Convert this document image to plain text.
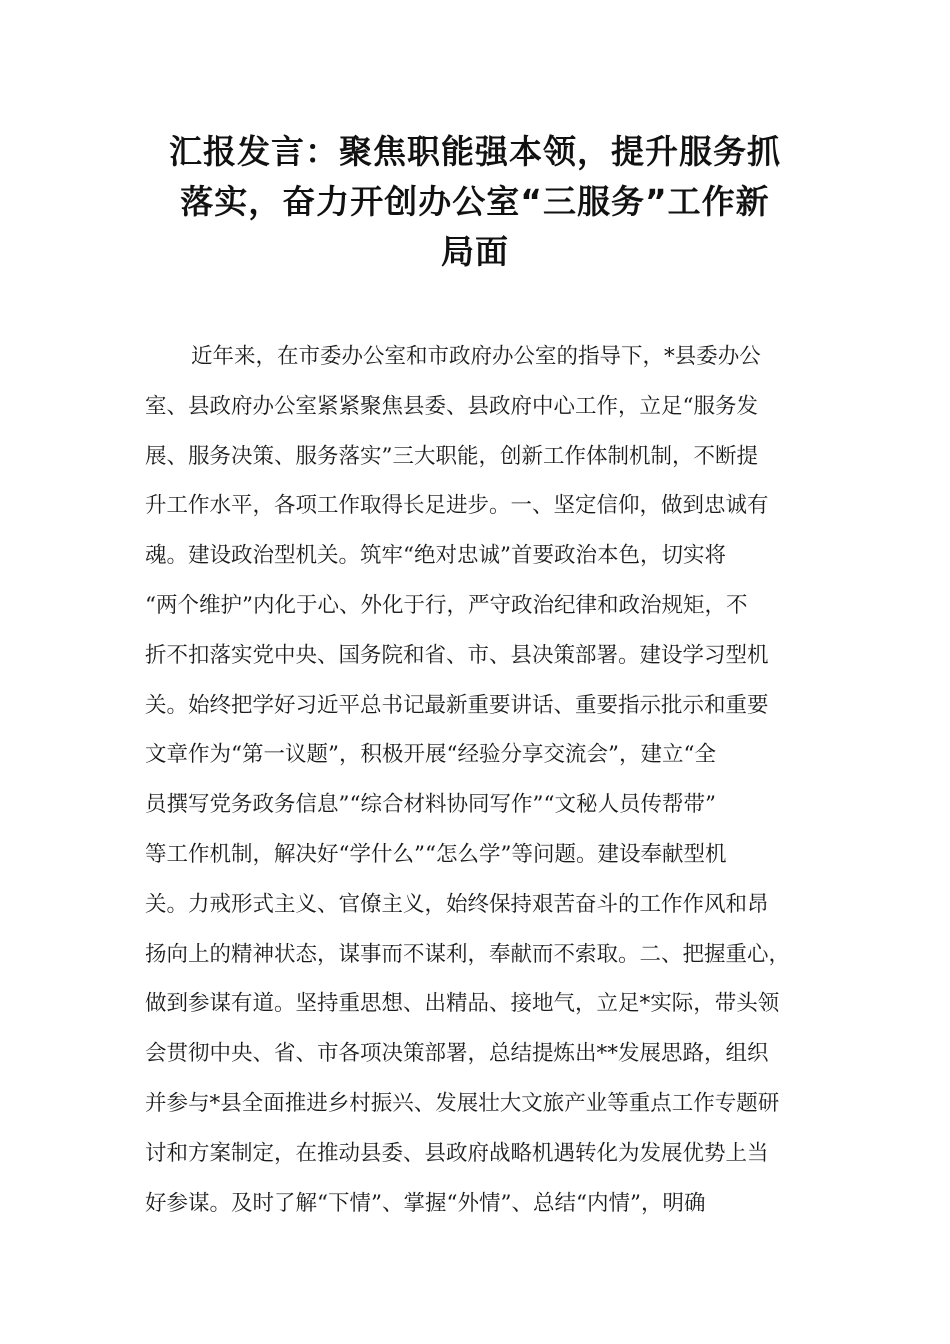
汇报发言：聚焦职能强本领，提升服务抓
落实，奋力开创办公室“三服务”工作新
局面
近年来，在市委办公室和市政府办公室的指导下，*县委办公
室、县政府办公室紧紧聚焦县委、县政府中心工作，立足“服务发
展、服务决策、服务落实”三大职能，创新工作体制机制，不断提
升工作水平，各项工作取得长足进步。一、坚定信仰，做到忠诚有
魂。建设政治型机关。筑牢“绝对忠诚”首要政治本色，切实将
“两个维护”内化于心、外化于行，严守政治纪律和政治规矩，不
折不扣落实党中央、国务院和省、市、县决策部署。建设学习型机
关。始终把学好习近平总书记最新重要讲话、重要指示批示和重要
文章作为“第一议题”，积极开展“经验分享交流会”，建立“全
员撰写党务政务信息”“综合材料协同写作”“文秘人员传帮带”
等工作机制，解决好“学什么”“怎么学”等问题。建设奉献型机
关。力戒形式主义、官僚主义，始终保持艰苦奋斗的工作作风和昂
扬向上的精神状态，谋事而不谋利，奉献而不索取。二、把握重心，
做到参谋有道。坚持重思想、出精品、接地气，立足*实际，带头领
会贯彻中央、省、市各项决策部署，总结提炼出**发展思路，组织
并参与*县全面推进乡村振兴、发展壮大文旅产业等重点工作专题研
讨和方案制定，在推动县委、县政府战略机遇转化为发展优势上当
好参谋。及时了解“下情”、掌握“外情”、总结“内情”，明确
